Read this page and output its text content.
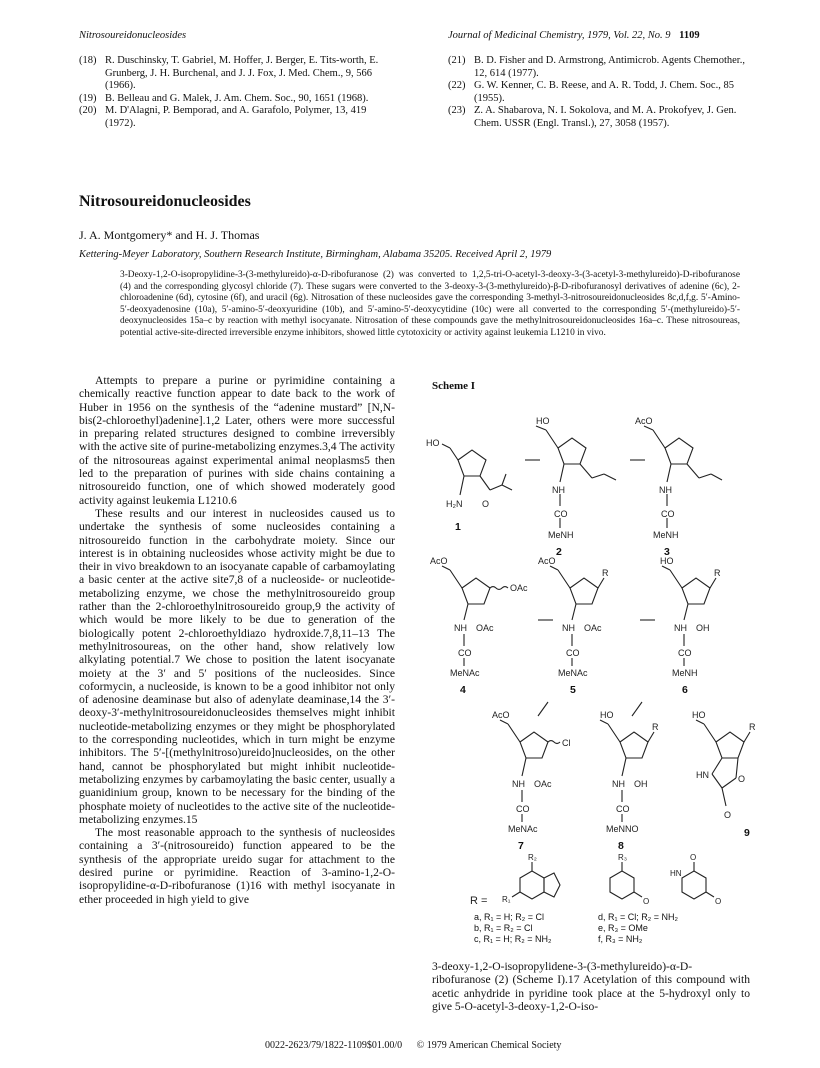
Nitrosoureidonucleosides	Journal of Medicinal Chemistry, 1979, Vol. 22, No. 9 1109

(18) R. Duschinsky, T. Gabriel, M. Hoffer, J. Berger, E. Tits-worth, E. Grunberg, J. H. Burchenal, and J. J. Fox, J. Med. Chem., 9, 566 (1966).

(19) B. Belleau and G. Malek, J. Am. Chem. Soc., 90, 1651 (1968).

(20) M. D'Alagni, P. Bemporad, and A. Garafolo, Polymer, 13, 419 (1972).

(21) B. D. Fisher and D. Armstrong, Antimicrob. Agents Chemother., 12, 614 (1977).

(22) G. W. Kenner, C. B. Reese, and A. R. Todd, J. Chem. Soc., 85 (1955).

(23) Z. A. Shabarova, N. I. Sokolova, and M. A. Prokofyev, J. Gen. Chem. USSR (Engl. Transl.), 27, 3058 (1957).

Nitrosoureidonucleosides
J. A. Montgomery* and H. J. Thomas
Kettering-Meyer Laboratory, Southern Research Institute, Birmingham, Alabama 35205. Received April 2, 1979
3-Deoxy-1,2-O-isopropylidine-3-(3-methylureido)-α-D-ribofuranose (2) was converted to 1,2,5-tri-O-acetyl-3-deoxy-3-(3-acetyl-3-methylureido)-D-ribofuranose (4) and the corresponding glycosyl chloride (7). These sugars were converted to the 3-deoxy-3-(3-methylureido)-β-D-ribofuranosyl derivatives of adenine (6c), 2-chloroadenine (6d), cytosine (6f), and uracil (6g). Nitrosation of these nucleosides gave the corresponding 3-methyl-3-nitrosoureidonucleosides 8c,d,f,g. 5′-Amino-5′-deoxyadenosine (10a), 5′-amino-5′-deoxyuridine (10b), and 5′-amino-5′-deoxycytidine (10c) were all converted to the corresponding 5′-(methylureido)-5′-deoxynucleosides 15a–c by reaction with methyl isocyanate. Nitrosation of these compounds gave the methylnitrosoureidonucleosides 16a–c. These nitrosoureas, potential active-site-directed irreversible enzyme inhibitors, showed little cytotoxicity or activity against leukemia L1210 in vivo.

Attempts to prepare a purine or pyrimidine containing a chemically reactive function appear to date back to the work of Huber in 1956 on the synthesis of the “adenine mustard” [N,N-bis(2-chloroethyl)adenine].1,2 Later, others were more successful in preparing related structures designed to combine irreversibly with the active site of purine-metabolizing enzymes.3,4 The activity of the nitrosoureas against experimental animal neoplasms5 then led to the preparation of purines with side chains containing a nitrosoureido function, one of which showed moderately good activity against leukemia L1210.6

These results and our interest in nucleosides caused us to undertake the synthesis of some nucleosides containing a nitrosoureido function in the carbohydrate moiety. Since our interest is in obtaining nucleosides whose activity might be due to their in vivo breakdown to an isocyanate capable of carbamoylating a basic center at the active site7,8 of a nucleoside- or nucleotide-metabolizing enzyme, we chose the methylnitrosoureido group rather than the 2-chloroethylnitrosoureido group,9 the activity of which would be more likely to be due to generation of the biologically potent 2-chloroethyldiazo hydroxide.7,8,11–13 The methylnitrosoureas, on the other hand, show relatively low alkylating potential.7 We chose to position the latent isocyanate moiety at the 3′ and 5′ positions of the nucleosides. Since coformycin, a nucleoside, is known to be a good inhibitor not only of adenosine deaminase but also of adenylate deaminase,14 the 3′-deoxy-3′-methylnitrosoureidonucleosides themselves might inhibit nucleotide-metabolizing enzymes or they might be phosphorylated to the corresponding nucleotides, which in turn might be enzyme inhibitors. The 5′-[(methylnitroso)ureido]nucleosides, on the other hand, cannot be phosphorylated but might inhibit nucleotide-metabolizing enzymes by carbamoylating the basic center, usually a guanidinium group, known to be necessary for the binding of the phosphate moiety of nucleotides to the active site of the nucleotide-metabolizing enzymes.15

The most reasonable approach to the synthesis of nucleosides containing a 3′-(nitrosoureido) function appeared to be the synthesis of the appropriate ureido sugar for attachment to the desired purine or pyrimidine. Reaction of 3-amino-1,2-O-isopropylidine-α-D-ribofuranose (1)16 with methyl isocyanate in ether proceeded in high yield to give

Scheme I
HO
H₂N O
1
HO
NH
CO
MeNH
2
AcO
NH
CO
MeNH
3
AcO
OAc
NH OAc
CO
MeNAc
4
AcO
R
NH OAc
CO
MeNAc
5
HO
R
NH OH
CO
MeNH
6
AcO
Cl
NH OAc
CO
MeNAc
7
HO
R
NH OH
CO
MeNNO
8
HO
R
HN	O
O
9
R =
R₂
R₁
R₃
O
O
HN
O
a, R₁ = H; R₂ = Cl
b, R₁ = R₂ = Cl
c, R₁ = H; R₂ = NH₂
d, R₁ = Cl; R₂ = NH₂
e, R₃ = OMe
f, R₃ = NH₂
3-deoxy-1,2-O-isopropylidene-3-(3-methylureido)-α-D-ribofuranose (2) (Scheme I).17 Acetylation of this compound with acetic anhydride in pyridine took place at the 5-hydroxyl only to give 5-O-acetyl-3-deoxy-1,2-O-iso-
0022-2623/79/1822-1109$01.00/0 © 1979 American Chemical Society
